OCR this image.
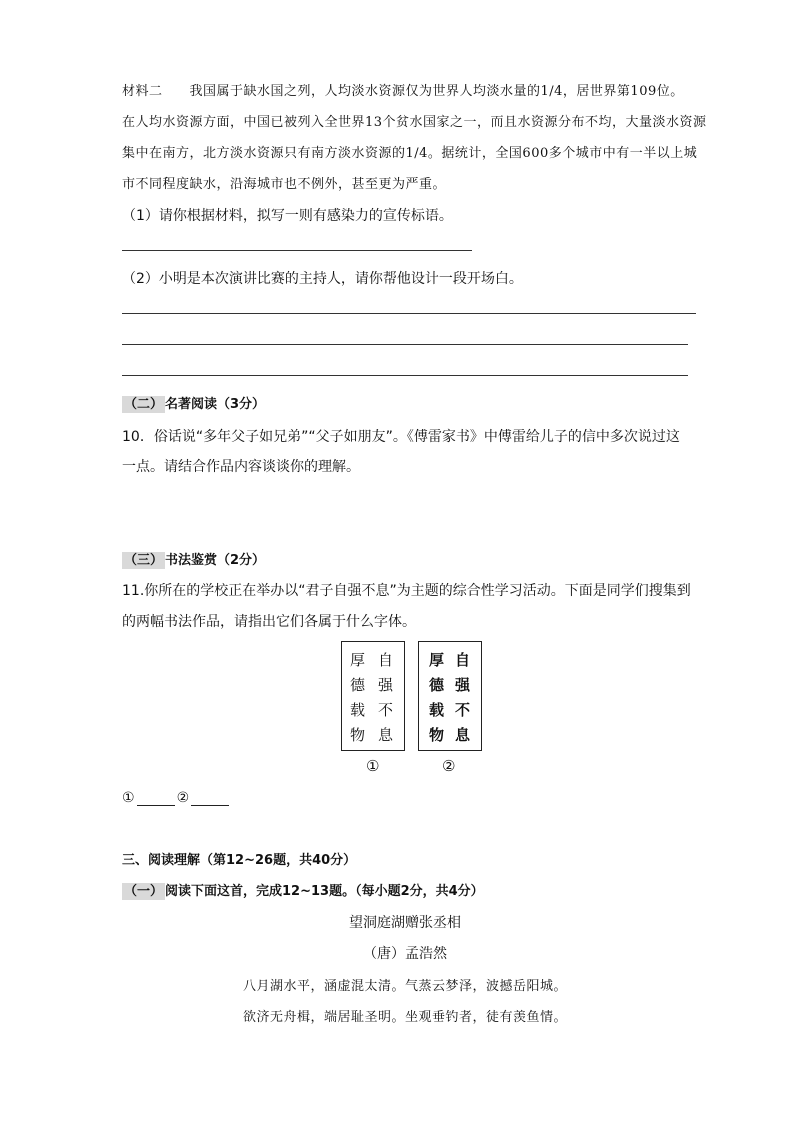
材料二　　我国属于缺水国之列，人均淡水资源仅为世界人均淡水量的1/4，居世界第109位。
在人均水资源方面，中国已被列入全世界13个贫水国家之一，而且水资源分布不均，大量淡水资源
集中在南方，北方淡水资源只有南方淡水资源的1/4。据统计，全国600多个城市中有一半以上城
市不同程度缺水，沿海城市也不例外，甚至更为严重。
（1）请你根据材料，拟写一则有感染力的宣传标语。
（2）小明是本次演讲比赛的主持人，请你帮他设计一段开场白。
（二） 名著阅读（3分）
10．俗话说“多年父子如兄弟”“父子如朋友”。《傅雷家书》中傅雷给儿子的信中多次说过这
一点。请结合作品内容谈谈你的理解。
（三） 书法鉴赏（2分）
11.你所在的学校正在举办以“君子自强不息”为主题的综合性学习活动。下面是同学们搜集到
的两幅书法作品，请指出它们各属于什么字体。
厚
德
载
物
自
强
不
息
①
厚
德
载
物
自
强
不
息
②
①	②
三、阅读理解（第12~26题，共40分）
（一） 阅读下面这首，完成12~13题。（每小题2分，共4分）
望洞庭湖赠张丞相
（唐）孟浩然
八月湖水平，涵虚混太清。气蒸云梦泽，波撼岳阳城。
欲济无舟楫，端居耻圣明。坐观垂钓者，徒有羡鱼情。
